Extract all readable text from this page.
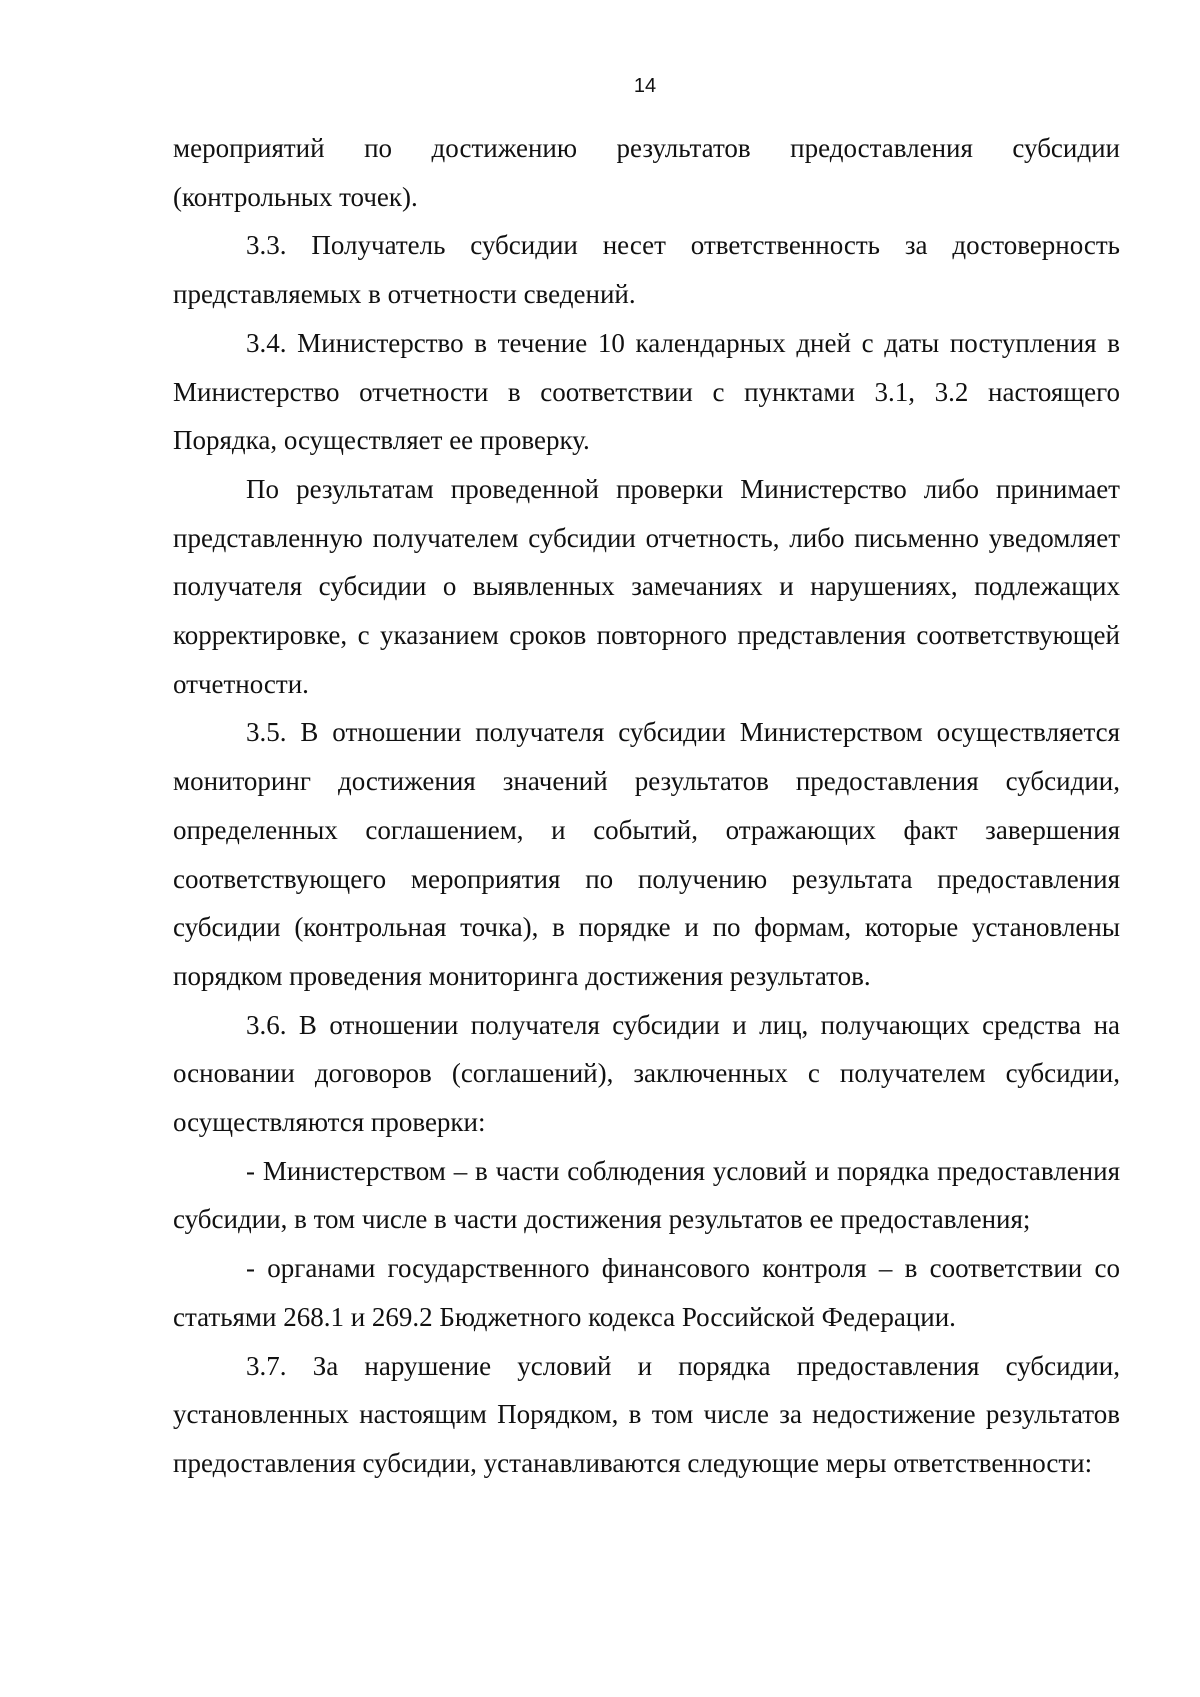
14

мероприятий по достижению результатов предоставления субсидии (контрольных точек).

3.3. Получатель субсидии несет ответственность за достоверность представляемых в отчетности сведений.

3.4. Министерство в течение 10 календарных дней с даты поступления в Министерство отчетности в соответствии с пунктами 3.1, 3.2 настоящего Порядка, осуществляет ее проверку.

По результатам проведенной проверки Министерство либо принимает представленную получателем субсидии отчетность, либо письменно уведомляет получателя субсидии о выявленных замечаниях и нарушениях, подлежащих корректировке, с указанием сроков повторного представления соответствующей отчетности.

3.5. В отношении получателя субсидии Министерством осуществляется мониторинг достижения значений результатов предоставления субсидии, определенных соглашением, и событий, отражающих факт завершения соответствующего мероприятия по получению результата предоставления субсидии (контрольная точка), в порядке и по формам, которые установлены порядком проведения мониторинга достижения результатов.

3.6. В отношении получателя субсидии и лиц, получающих средства на основании договоров (соглашений), заключенных с получателем субсидии, осуществляются проверки:

- Министерством – в части соблюдения условий и порядка предоставления субсидии, в том числе в части достижения результатов ее предоставления;

- органами государственного финансового контроля – в соответствии со статьями 268.1 и 269.2 Бюджетного кодекса Российской Федерации.

3.7. За нарушение условий и порядка предоставления субсидии, установленных настоящим Порядком, в том числе за недостижение результатов предоставления субсидии, устанавливаются следующие меры ответственности:
